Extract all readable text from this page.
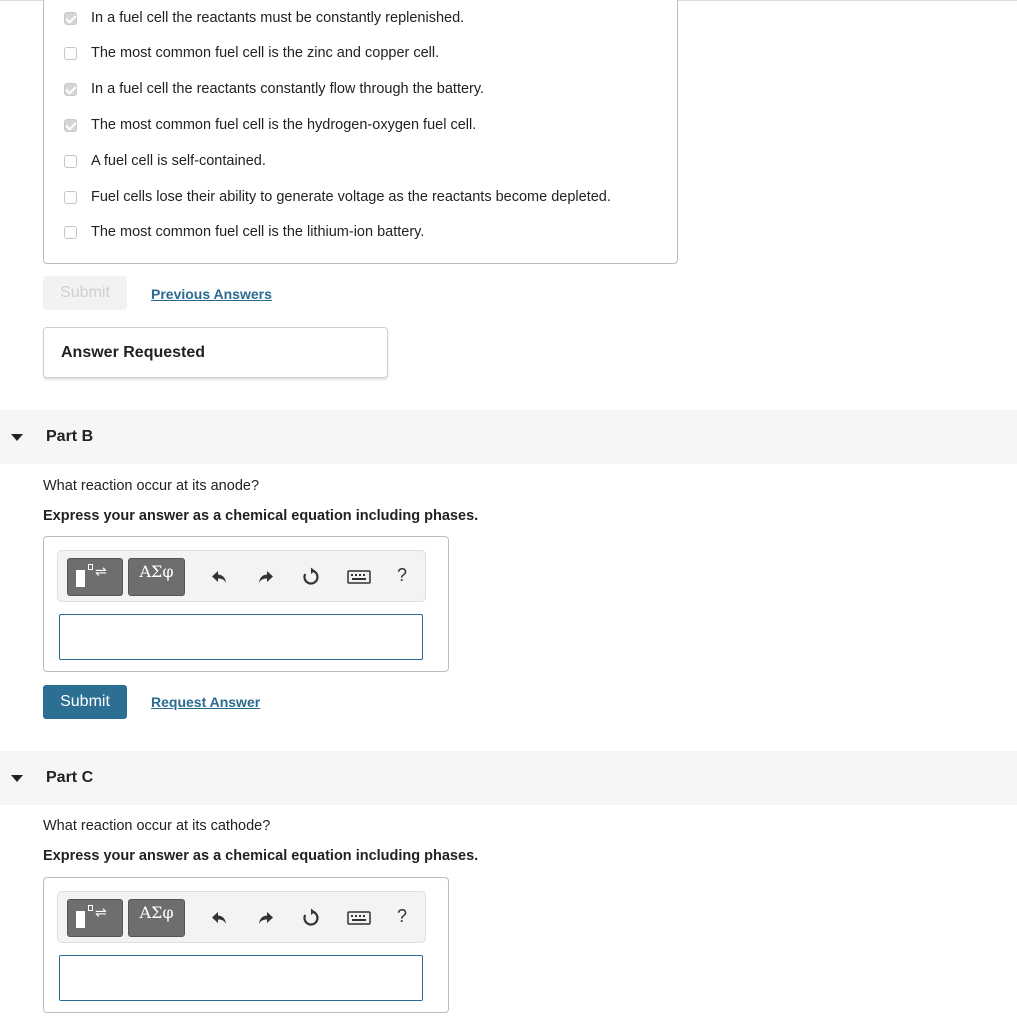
In a fuel cell the reactants must be constantly replenished.
The most common fuel cell is the zinc and copper cell.
In a fuel cell the reactants constantly flow through the battery.
The most common fuel cell is the hydrogen-oxygen fuel cell.
A fuel cell is self-contained.
Fuel cells lose their ability to generate voltage as the reactants become depleted.
The most common fuel cell is the lithium-ion battery.
Submit	Previous Answers
Answer Requested
Part B
What reaction occur at its anode?
Express your answer as a chemical equation including phases.
⇌	ΑΣφ	?
Submit	Request Answer
Part C
What reaction occur at its cathode?
Express your answer as a chemical equation including phases.
⇌	ΑΣφ	?
